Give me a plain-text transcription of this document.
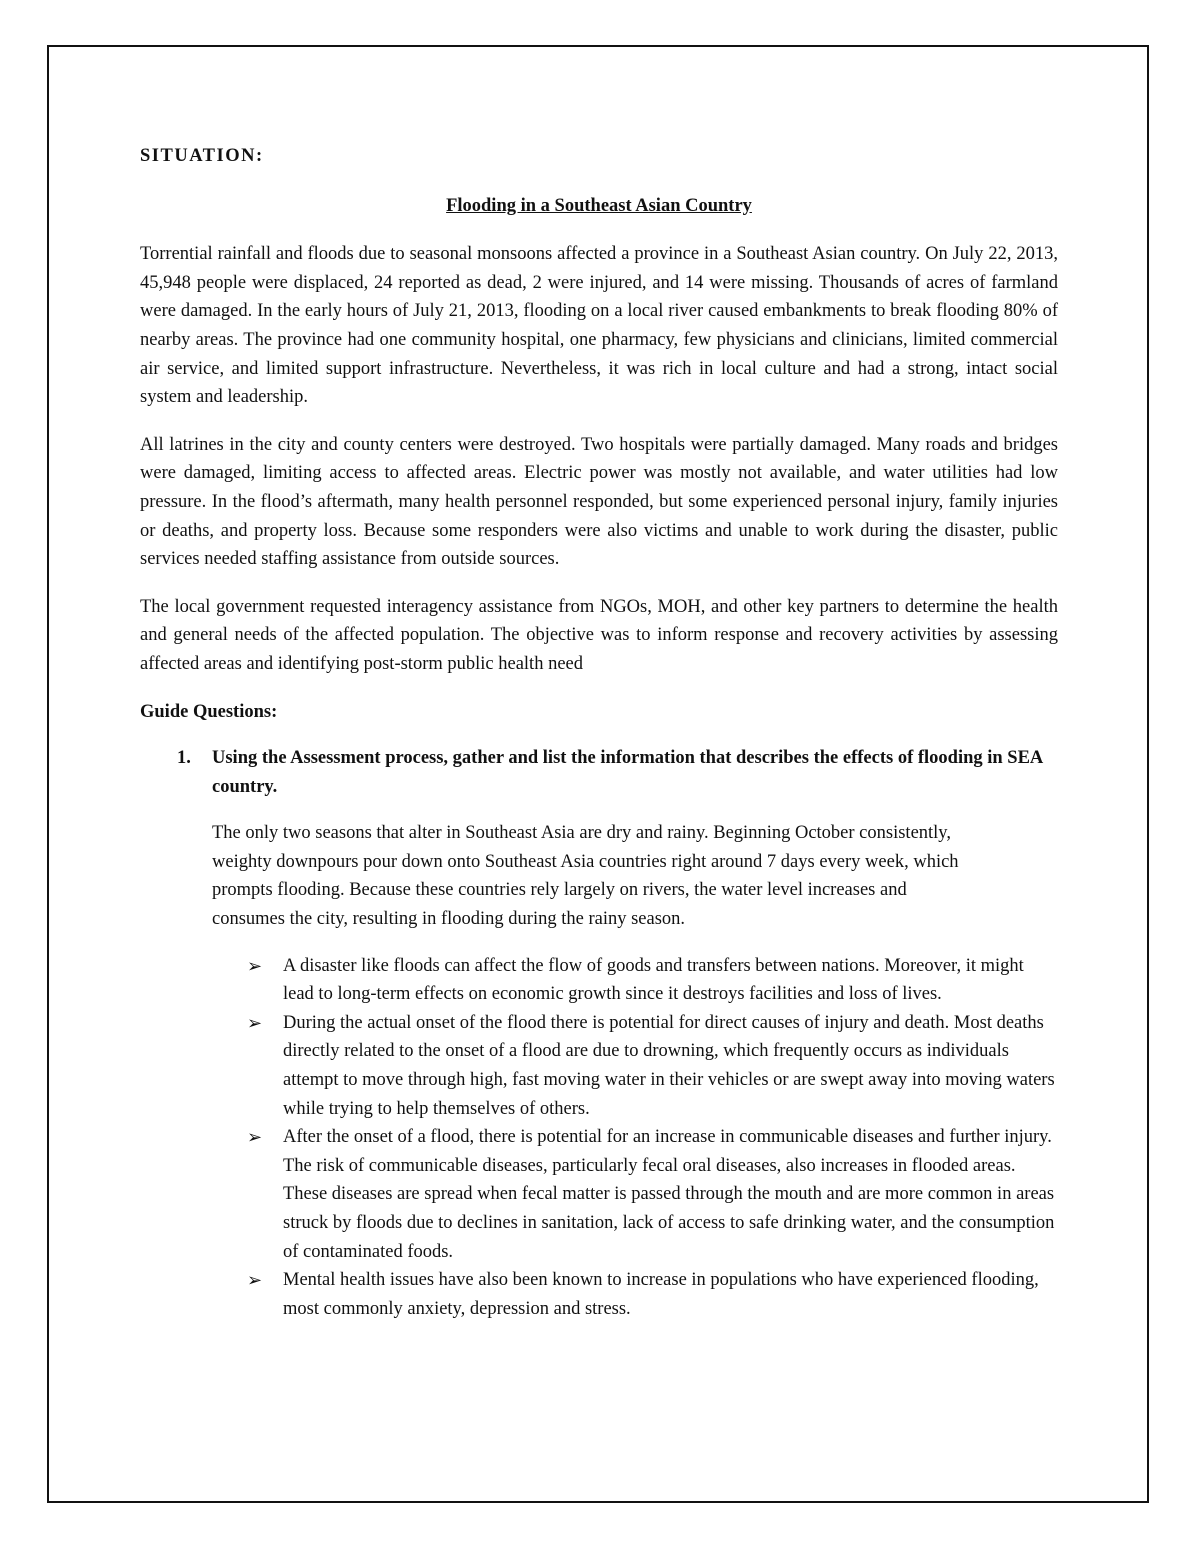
SITUATION:
Flooding in a Southeast Asian Country

Torrential rainfall and floods due to seasonal monsoons affected a province in a Southeast Asian country. On July 22, 2013, 45,948 people were displaced, 24 reported as dead, 2 were injured, and 14 were missing. Thousands of acres of farmland were damaged. In the early hours of July 21, 2013, flooding on a local river caused embankments to break flooding 80% of nearby areas. The province had one community hospital, one pharmacy, few physicians and clinicians, limited commercial air service, and limited support infrastructure. Nevertheless, it was rich in local culture and had a strong, intact social system and leadership.

All latrines in the city and county centers were destroyed. Two hospitals were partially damaged. Many roads and bridges were damaged, limiting access to affected areas. Electric power was mostly not available, and water utilities had low pressure. In the flood’s aftermath, many health personnel responded, but some experienced personal injury, family injuries or deaths, and property loss. Because some responders were also victims and unable to work during the disaster, public services needed staffing assistance from outside sources.

The local government requested interagency assistance from NGOs, MOH, and other key partners to determine the health and general needs of the affected population. The objective was to inform response and recovery activities by assessing affected areas and identifying post-storm public health need

Guide Questions:
1.	Using the Assessment process, gather and list the information that describes the effects of flooding in SEA country.

The only two seasons that alter in Southeast Asia are dry and rainy. Beginning October consistently, weighty downpours pour down onto Southeast Asia countries right around 7 days every week, which prompts flooding. Because these countries rely largely on rivers, the water level increases and consumes the city, resulting in flooding during the rainy season.

➢	A disaster like floods can affect the flow of goods and transfers between nations. Moreover, it might lead to long-term effects on economic growth since it destroys facilities and loss of lives.
➢	During the actual onset of the flood there is potential for direct causes of injury and death. Most deaths directly related to the onset of a flood are due to drowning, which frequently occurs as individuals attempt to move through high, fast moving water in their vehicles or are swept away into moving waters while trying to help themselves of others.
➢	After the onset of a flood, there is potential for an increase in communicable diseases and further injury. The risk of communicable diseases, particularly fecal oral diseases, also increases in flooded areas. These diseases are spread when fecal matter is passed through the mouth and are more common in areas struck by floods due to declines in sanitation, lack of access to safe drinking water, and the consumption of contaminated foods.
➢	Mental health issues have also been known to increase in populations who have experienced flooding, most commonly anxiety, depression and stress.
